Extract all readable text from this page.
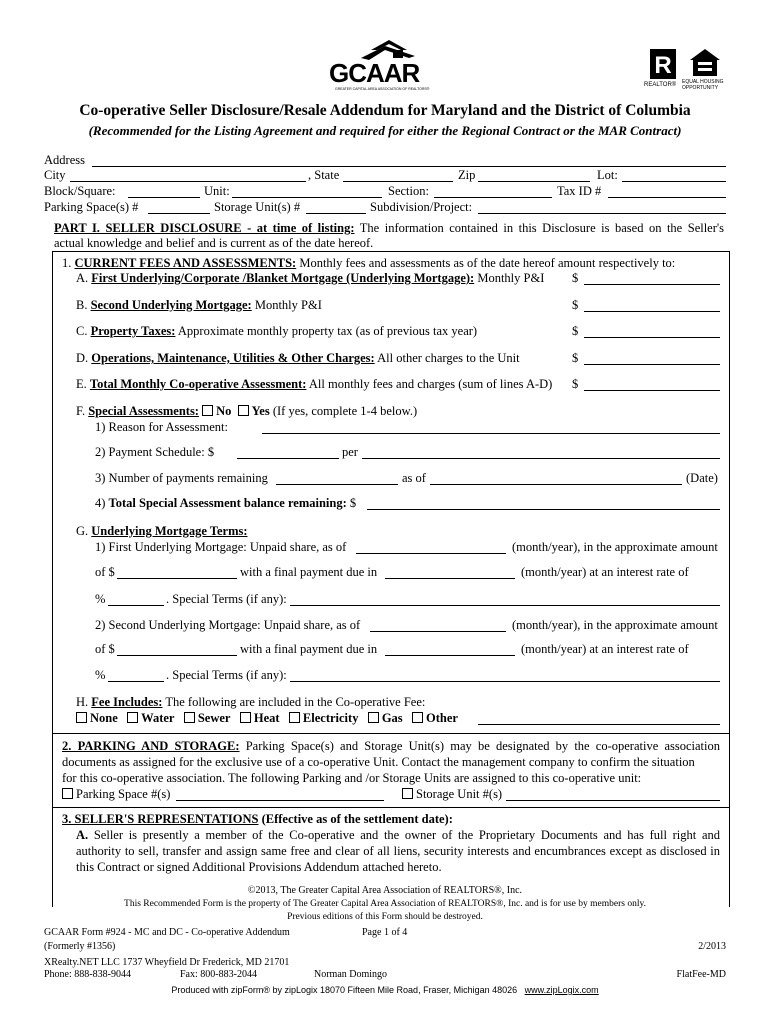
GCAAR
GREATER CAPITAL AREA ASSOCIATION OF REALTORS®
R
REALTOR® EQUAL HOUSING OPPORTUNITY
Co-operative Seller Disclosure/Resale Addendum for Maryland and the District of Columbia
(Recommended for the Listing Agreement and required for either the Regional Contract or the MAR Contract)
Address
City	, State	Zip	Lot:
Block/Square:	Unit:	Section:	Tax ID #
Parking Space(s) #	Storage Unit(s) #	Subdivision/Project:
PART I. SELLER DISCLOSURE - at time of listing: The information contained in this Disclosure is based on the Seller's
actual knowledge and belief and is current as of the date hereof.
1. CURRENT FEES AND ASSESSMENTS: Monthly fees and assessments as of the date hereof amount respectively to:
A. First Underlying/Corporate /Blanket Mortgage (Underlying Mortgage): Monthly P&I $
B. Second Underlying Mortgage: Monthly P&I	$
C. Property Taxes: Approximate monthly property tax (as of previous tax year)	$
D. Operations, Maintenance, Utilities & Other Charges: All other charges to the Unit	$
E. Total Monthly Co-operative Assessment: All monthly fees and charges (sum of lines A-D) $
F. Special Assessments: No Yes (If yes, complete 1-4 below.)
1) Reason for Assessment:
2) Payment Schedule: $	per
3) Number of payments remaining	as of	(Date)
4) Total Special Assessment balance remaining: $
G. Underlying Mortgage Terms:
1) First Underlying Mortgage: Unpaid share, as of	(month/year), in the approximate amount
of $	with a final payment due in	(month/year) at an interest rate of
%	. Special Terms (if any):
2) Second Underlying Mortgage: Unpaid share, as of	(month/year), in the approximate amount
of $	with a final payment due in	(month/year) at an interest rate of
%	. Special Terms (if any):
H. Fee Includes: The following are included in the Co-operative Fee:
None Water Sewer Heat Electricity Gas Other
2. PARKING AND STORAGE: Parking Space(s) and Storage Unit(s) may be designated by the co-operative association
documents as assigned for the exclusive use of a co-operative Unit. Contact the management company to confirm the situation
for this co-operative association. The following Parking and /or Storage Units are assigned to this co-operative unit:
Parking Space #(s)	Storage Unit #(s)
3. SELLER'S REPRESENTATIONS (Effective as of the settlement date):
A. Seller is presently a member of the Co-operative and the owner of the Proprietary Documents and has full right and
authority to sell, transfer and assign same free and clear of all liens, security interests and encumbrances except as disclosed in
this Contract or signed Additional Provisions Addendum attached hereto.
©2013, The Greater Capital Area Association of REALTORS®, Inc.
This Recommended Form is the property of The Greater Capital Area Association of REALTORS®, Inc. and is for use by members only.
Previous editions of this Form should be destroyed.
GCAAR Form #924 - MC and DC - Co-operative Addendum	Page 1 of 4
(Formerly #1356)	2/2013
XRealty.NET LLC 1737 Wheyfield Dr Frederick, MD 21701
Phone: 888-838-9044	Fax: 800-883-2044	Norman Domingo	FlatFee-MD
Produced with zipForm® by zipLogix 18070 Fifteen Mile Road, Fraser, Michigan 48026 www.zipLogix.com
